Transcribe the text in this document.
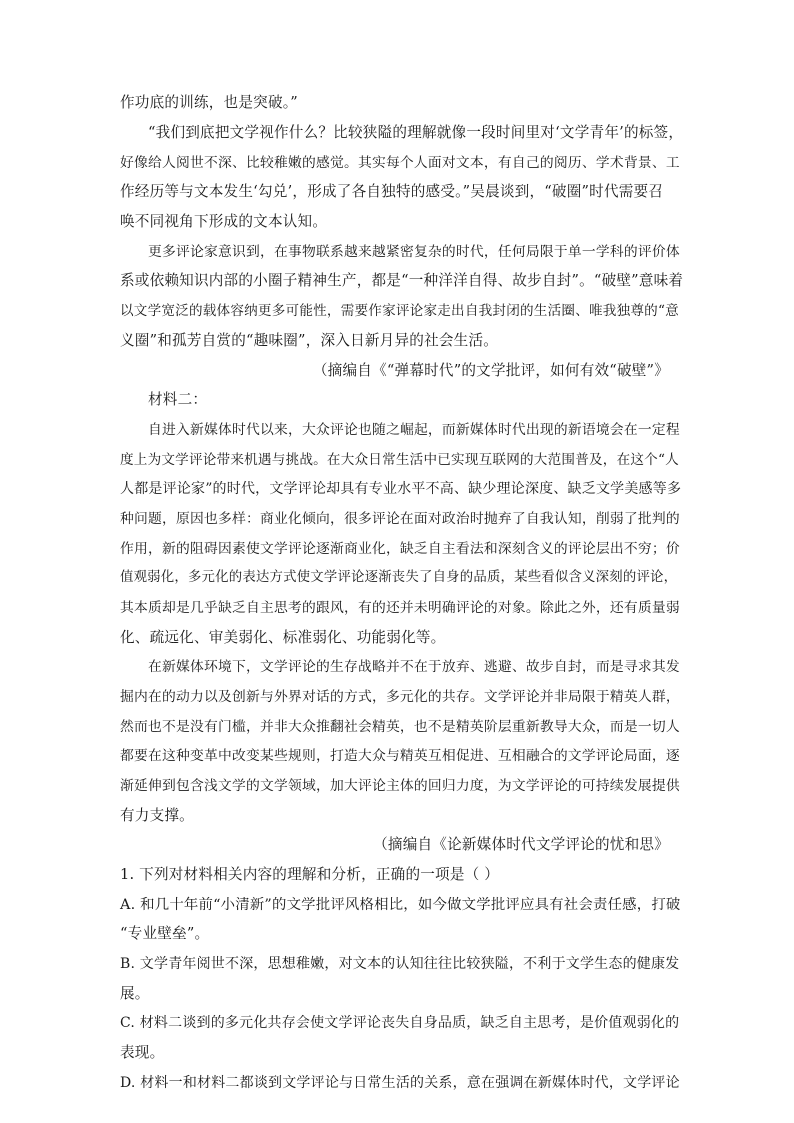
作功底的训练，也是突破。”
“我们到底把文学视作什么？比较狭隘的理解就像一段时间里对‘文学青年’的标签，
好像给人阅世不深、比较稚嫩的感觉。其实每个人面对文本，有自己的阅历、学术背景、工
作经历等与文本发生‘勾兑’，形成了各自独特的感受。”吴晨谈到，“破圈”时代需要召
唤不同视角下形成的文本认知。
更多评论家意识到，在事物联系越来越紧密复杂的时代，任何局限于单一学科的评价体
系或依赖知识内部的小圈子精神生产，都是“一种洋洋自得、故步自封”。“破壁”意味着
以文学宽泛的载体容纳更多可能性，需要作家评论家走出自我封闭的生活圈、唯我独尊的“意
义圈”和孤芳自赏的“趣味圈”，深入日新月异的社会生活。
（摘编自《“弹幕时代”的文学批评，如何有效“破壁”》
材料二：
自进入新媒体时代以来，大众评论也随之崛起，而新媒体时代出现的新语境会在一定程
度上为文学评论带来机遇与挑战。在大众日常生活中已实现互联网的大范围普及，在这个“人
人都是评论家”的时代，文学评论却具有专业水平不高、缺少理论深度、缺乏文学美感等多
种问题，原因也多样：商业化倾向，很多评论在面对政治时抛弃了自我认知，削弱了批判的
作用，新的阻碍因素使文学评论逐渐商业化，缺乏自主看法和深刻含义的评论层出不穷；价
值观弱化，多元化的表达方式使文学评论逐渐丧失了自身的品质，某些看似含义深刻的评论，
其本质却是几乎缺乏自主思考的跟风，有的还并未明确评论的对象。除此之外，还有质量弱
化、疏远化、审美弱化、标准弱化、功能弱化等。
在新媒体环境下，文学评论的生存战略并不在于放弃、逃避、故步自封，而是寻求其发
掘内在的动力以及创新与外界对话的方式，多元化的共存。文学评论并非局限于精英人群，
然而也不是没有门槛，并非大众推翻社会精英，也不是精英阶层重新教导大众，而是一切人
都要在这种变革中改变某些规则，打造大众与精英互相促进、互相融合的文学评论局面，逐
渐延伸到包含浅文学的文学领域，加大评论主体的回归力度，为文学评论的可持续发展提供
有力支撑。
（摘编自《论新媒体时代文学评论的忧和思》
1. 下列对材料相关内容的理解和分析，正确的一项是（ ）
A. 和几十年前“小清新”的文学批评风格相比，如今做文学批评应具有社会责任感，打破
“专业壁垒”。
B. 文学青年阅世不深，思想稚嫩，对文本的认知往往比较狭隘，不利于文学生态的健康发
展。
C. 材料二谈到的多元化共存会使文学评论丧失自身品质，缺乏自主思考，是价值观弱化的
表现。
D. 材料一和材料二都谈到文学评论与日常生活的关系，意在强调在新媒体时代，文学评论
